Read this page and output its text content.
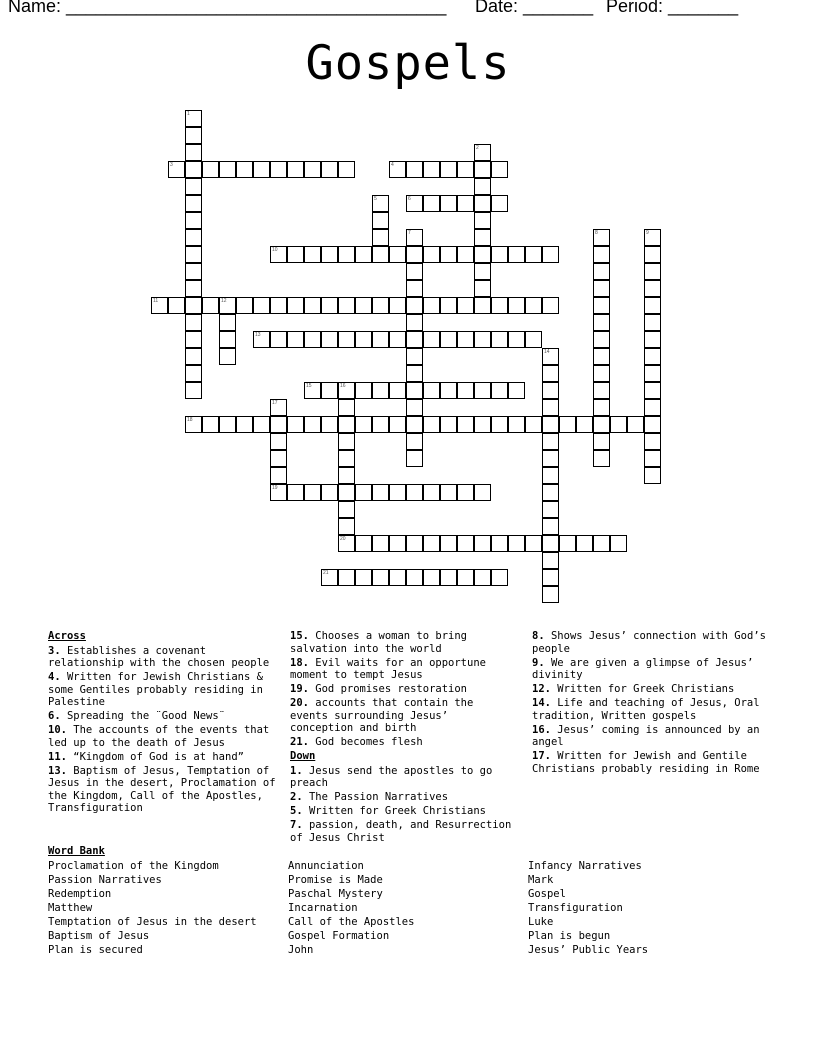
Name: ______________________________________ Date: _______ Period: _______
Gospels
1
2
3	4
5	6
7	8	9
10
11	12
13
14
15	16
20
17
18
19
21
Across
3. Establishes a covenant relationship with the chosen people
4. Written for Jewish Christians & some Gentiles probably residing in Palestine
6. Spreading the ¨Good News¨
10. The accounts of the events that led up to the death of Jesus
11. “Kingdom of God is at hand”
13. Baptism of Jesus, Temptation of Jesus in the desert, Proclamation of the Kingdom, Call of the Apostles, Transfiguration
15. Chooses a woman to bring salvation into the world
18. Evil waits for an opportune moment to tempt Jesus
19. God promises restoration
20. accounts that contain the events surrounding Jesus’ conception and birth
21. God becomes flesh
Down
1. Jesus send the apostles to go preach
2. The Passion Narratives
5. Written for Greek Christians
7. passion, death, and Resurrection of Jesus Christ
8. Shows Jesus’ connection with God’s people
9. We are given a glimpse of Jesus’ divinity
12. Written for Greek Christians
14. Life and teaching of Jesus, Oral tradition, Written gospels
16. Jesus’ coming is announced by an angel
17. Written for Jewish and Gentile Christians probably residing in Rome
Word Bank
Proclamation of the Kingdom
Passion Narratives
Redemption
Matthew
Temptation of Jesus in the desert
Baptism of Jesus
Plan is secured
Annunciation
Promise is Made
Paschal Mystery
Incarnation
Call of the Apostles
Gospel Formation
John
Infancy Narratives
Mark
Gospel
Transfiguration
Luke
Plan is begun
Jesus’ Public Years
